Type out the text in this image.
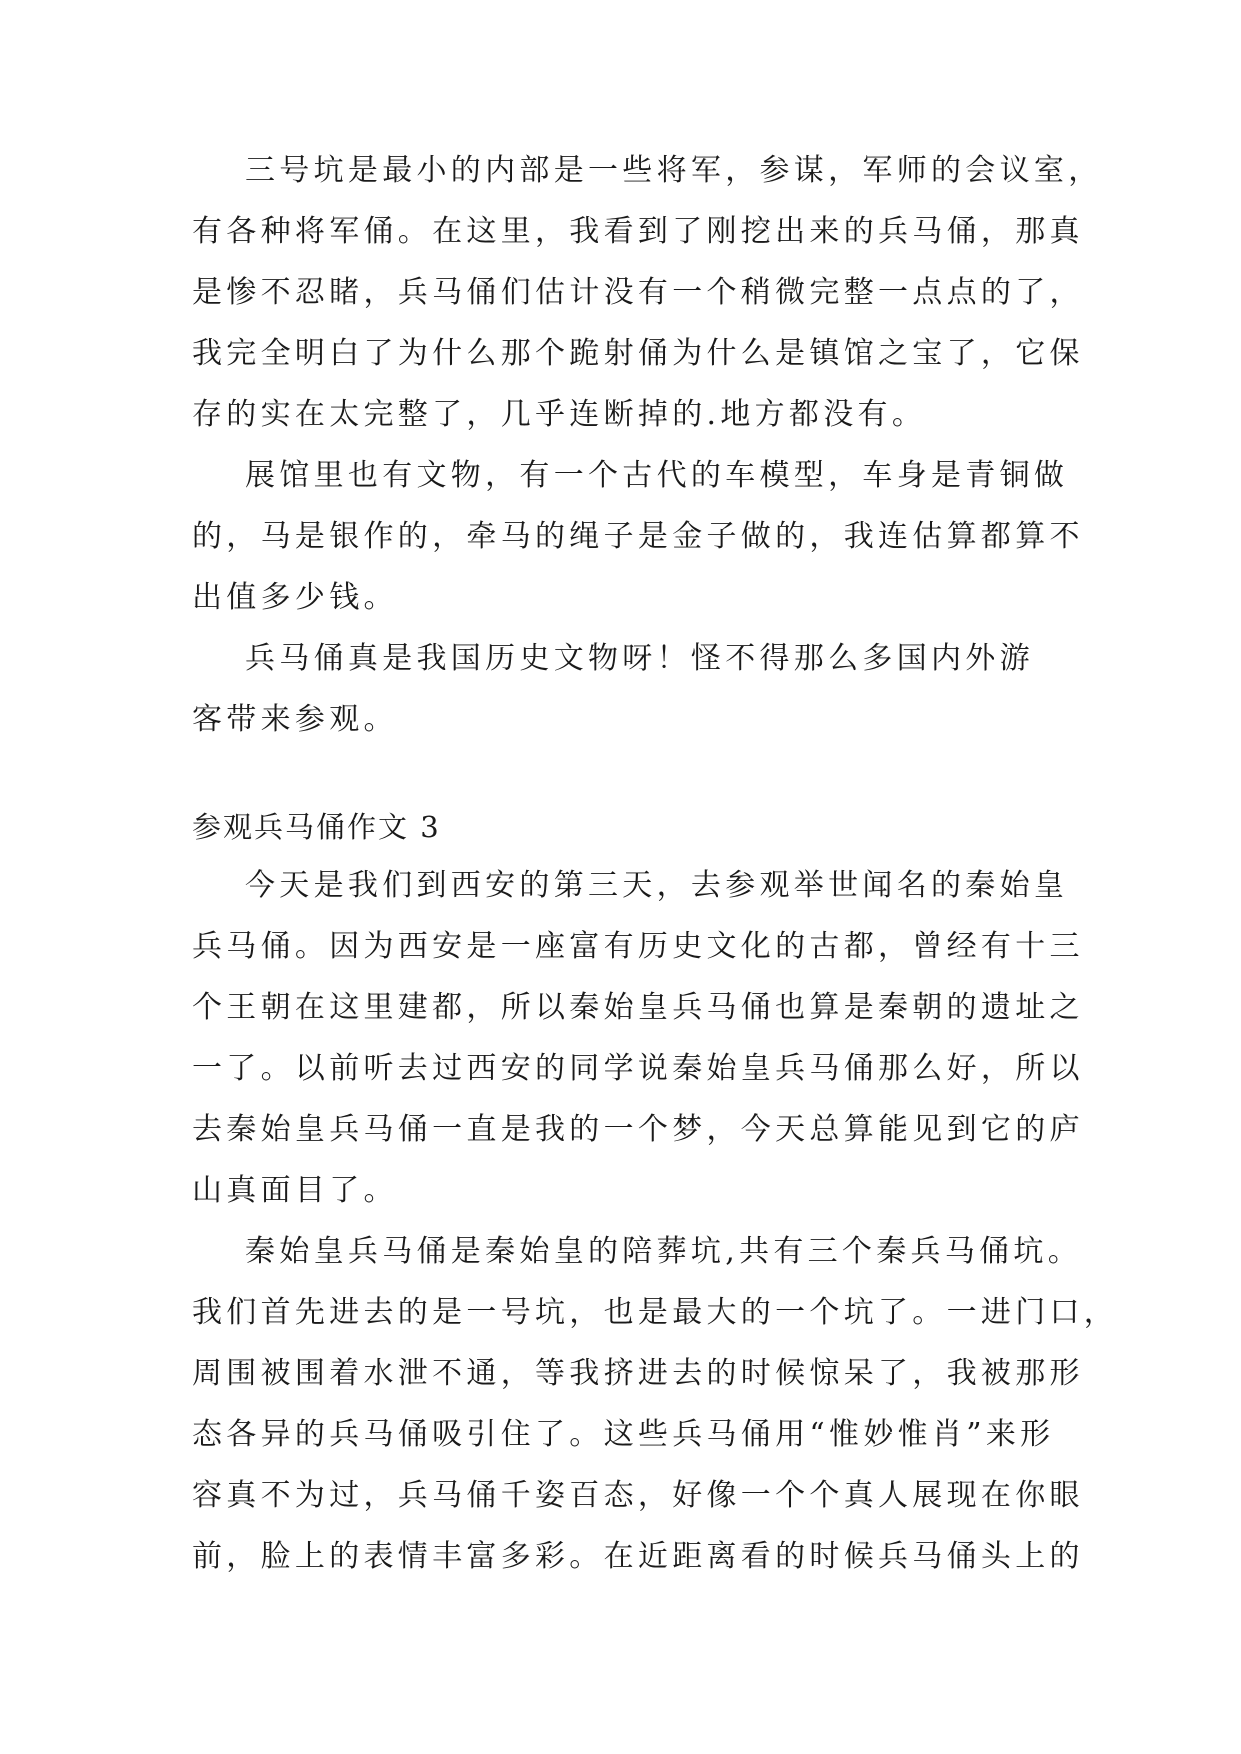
三号坑是最小的内部是一些将军，参谋，军师的会议室，
有各种将军俑。在这里，我看到了刚挖出来的兵马俑，那真
是惨不忍睹，兵马俑们估计没有一个稍微完整一点点的了，
我完全明白了为什么那个跪射俑为什么是镇馆之宝了，它保
存的实在太完整了，几乎连断掉的.地方都没有。
展馆里也有文物，有一个古代的车模型，车身是青铜做
的，马是银作的，牵马的绳子是金子做的，我连估算都算不
出值多少钱。
兵马俑真是我国历史文物呀！怪不得那么多国内外游
客带来参观。
参观兵马俑作文 3
今天是我们到西安的第三天，去参观举世闻名的秦始皇
兵马俑。因为西安是一座富有历史文化的古都，曾经有十三
个王朝在这里建都，所以秦始皇兵马俑也算是秦朝的遗址之
一了。以前听去过西安的同学说秦始皇兵马俑那么好，所以
去秦始皇兵马俑一直是我的一个梦，今天总算能见到它的庐
山真面目了。
秦始皇兵马俑是秦始皇的陪葬坑,共有三个秦兵马俑坑。
我们首先进去的是一号坑，也是最大的一个坑了。一进门口，
周围被围着水泄不通，等我挤进去的时候惊呆了，我被那形
态各异的兵马俑吸引住了。这些兵马俑用“惟妙惟肖”来形
容真不为过，兵马俑千姿百态，好像一个个真人展现在你眼
前，脸上的表情丰富多彩。在近距离看的时候兵马俑头上的
